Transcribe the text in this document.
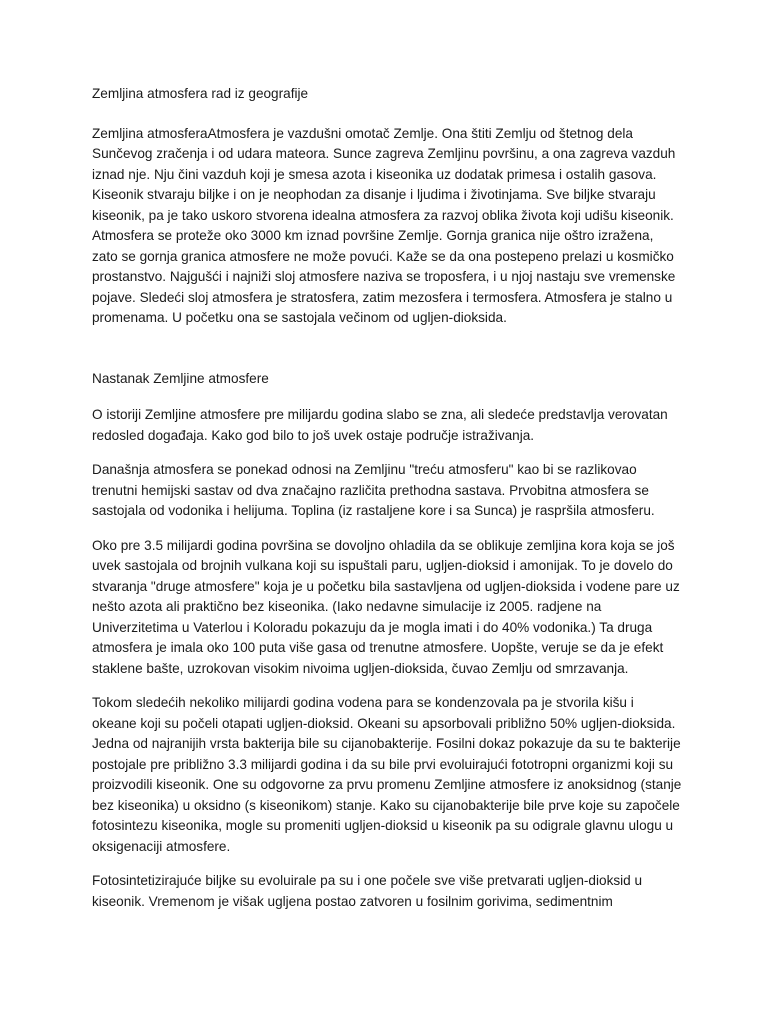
Zemljina atmosfera rad iz geografije
Zemljina atmosferaAtmosfera je vazdušni omotač Zemlje. Ona štiti Zemlju od štetnog dela Sunčevog zračenja i od udara mateora. Sunce zagreva Zemljinu površinu, a ona zagreva vazduh iznad nje. Nju čini vazduh koji je smesa azota i kiseonika uz dodatak primesa i ostalih gasova. Kiseonik stvaraju biljke i on je neophodan za disanje i ljudima i životinjama. Sve biljke stvaraju kiseonik, pa je tako uskoro stvorena idealna atmosfera za razvoj oblika života koji udišu kiseonik. Atmosfera se proteže oko 3000 km iznad površine Zemlje. Gornja granica nije oštro izražena, zato se gornja granica atmosfere ne može povući. Kaže se da ona postepeno prelazi u kosmičko prostanstvo. Najgušći i najniži sloj atmosfere naziva se troposfera, i u njoj nastaju sve vremenske pojave. Sledeći sloj atmosfera je stratosfera, zatim mezosfera i termosfera. Atmosfera je stalno u promenama. U početku ona se sastojala večinom od ugljen-dioksida.
Nastanak Zemljine atmosfere
O istoriji Zemljine atmosfere pre milijardu godina slabo se zna, ali sledeće predstavlja verovatan redosled događaja. Kako god bilo to još uvek ostaje područje istraživanja.
Današnja atmosfera se ponekad odnosi na Zemljinu "treću atmosferu" kao bi se razlikovao trenutni hemijski sastav od dva značajno različita prethodna sastava. Prvobitna atmosfera se sastojala od vodonika i helijuma. Toplina (iz rastaljene kore i sa Sunca) je raspršila atmosferu.
Oko pre 3.5 milijardi godina površina se dovoljno ohladila da se oblikuje zemljina kora koja se još uvek sastojala od brojnih vulkana koji su ispuštali paru, ugljen-dioksid i amonijak. To je dovelo do stvaranja "druge atmosfere" koja je u početku bila sastavljena od ugljen-dioksida i vodene pare uz nešto azota ali praktično bez kiseonika. (Iako nedavne simulacije iz 2005. radjene na Univerzitetima u Vaterlou i Koloradu pokazuju da je mogla imati i do 40% vodonika.) Ta druga atmosfera je imala oko 100 puta više gasa od trenutne atmosfere. Uopšte, veruje se da je efekt staklene bašte, uzrokovan visokim nivoima ugljen-dioksida, čuvao Zemlju od smrzavanja.
Tokom sledećih nekoliko milijardi godina vodena para se kondenzovala pa je stvorila kišu i okeane koji su počeli otapati ugljen-dioksid. Okeani su apsorbovali približno 50% ugljen-dioksida. Jedna od najranijih vrsta bakterija bile su cijanobakterije. Fosilni dokaz pokazuje da su te bakterije postojale pre približno 3.3 milijardi godina i da su bile prvi evoluirajući fototropni organizmi koji su proizvodili kiseonik. One su odgovorne za prvu promenu Zemljine atmosfere iz anoksidnog (stanje bez kiseonika) u oksidno (s kiseonikom) stanje. Kako su cijanobakterije bile prve koje su započele fotosintezu kiseonika, mogle su promeniti ugljen-dioksid u kiseonik pa su odigrale glavnu ulogu u oksigenaciji atmosfere.
Fotosintetizirajuće biljke su evoluirale pa su i one počele sve više pretvarati ugljen-dioksid u kiseonik. Vremenom je višak ugljena postao zatvoren u fosilnim gorivima, sedimentnim
